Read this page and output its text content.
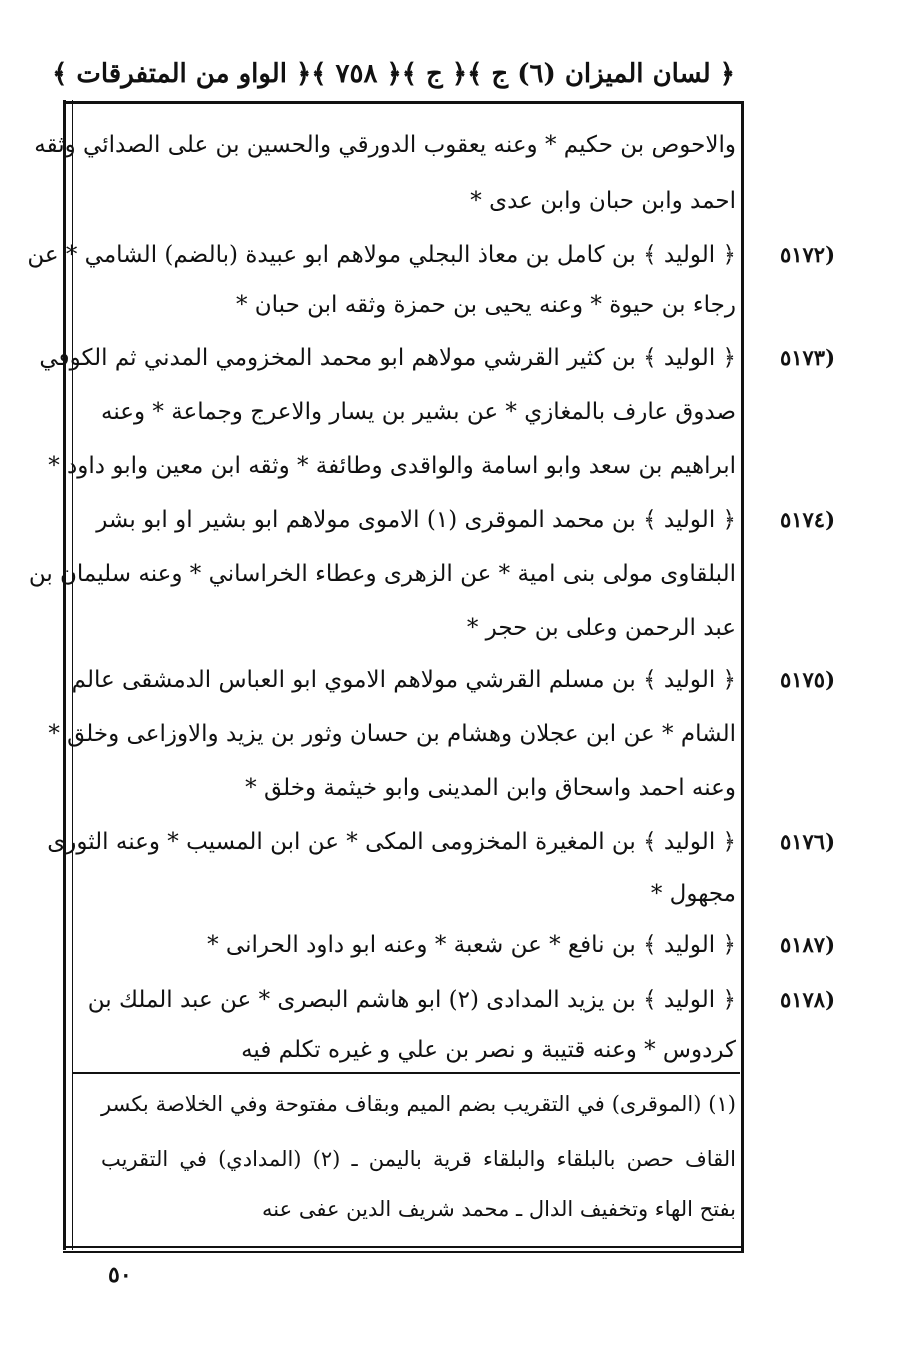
﴿ لسان الميزان (٦) ج ﴾
﴿ ج ﴾
﴿ ٧٥٨ ﴾
﴿ الواو من المتفرقات ﴾
والاحوص بن حكيم * وعنه يعقوب الدورقي والحسين بن على الصدائي وثقه
احمد وابن حبان وابن عدى *
﴿ الوليد ﴾ بن كامل بن معاذ البجلي مولاهم ابو عبيدة (بالضم) الشامي * عن	(٥١٧٢
رجاء بن حيوة * وعنه يحيى بن حمزة وثقه ابن حبان *
﴿ الوليد ﴾ بن كثير القرشي مولاهم ابو محمد المخزومي المدني ثم الكوفي	(٥١٧٣
صدوق عارف بالمغازي * عن بشير بن يسار والاعرج وجماعة * وعنه
ابراهيم بن سعد وابو اسامة والواقدى وطائفة * وثقه ابن معين وابو داود *
﴿ الوليد ﴾ بن محمد الموقرى (١) الاموى مولاهم ابو بشير او ابو بشر	(٥١٧٤
البلقاوى مولى بنى امية * عن الزهرى وعطاء الخراساني * وعنه سليمان بن
عبد الرحمن وعلى بن حجر *
﴿ الوليد ﴾ بن مسلم القرشي مولاهم الاموي ابو العباس الدمشقى عالم	(٥١٧٥
الشام * عن ابن عجلان وهشام بن حسان وثور بن يزيد والاوزاعى وخلق *
وعنه احمد واسحاق وابن المدينى وابو خيثمة وخلق *
﴿ الوليد ﴾ بن المغيرة المخزومى المكى * عن ابن المسيب * وعنه الثورى	(٥١٧٦
مجهول *
﴿ الوليد ﴾ بن نافع * عن شعبة * وعنه ابو داود الحرانى *	(٥١٨٧
﴿ الوليد ﴾ بن يزيد المدادى (٢) ابو هاشم البصرى * عن عبد الملك بن	(٥١٧٨
كردوس * وعنه قتيبة و نصر بن علي و غيره تكلم فيه
(١) (الموقرى) في التقريب بضم الميم وبقاف مفتوحة وفي الخلاصة بكسر
القاف حصن بالبلقاء والبلقاء قرية باليمن ـ (٢) (المدادي) في التقريب
بفتح الهاء وتخفيف الدال ـ محمد شريف الدين عفى عنه
٥٠
